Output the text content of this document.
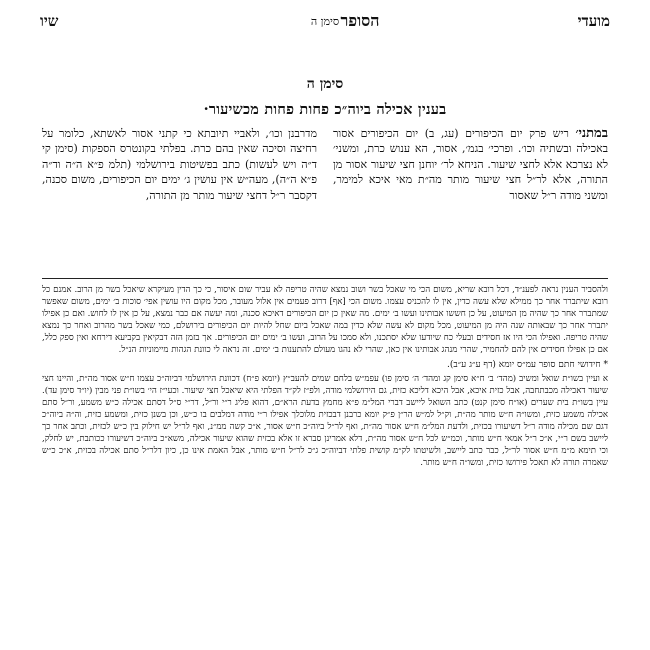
מועדי
הסופר
סימן ה
שיו
סימן ה
בענין אכילה ביוה״כ פחות פחות מכשיעור·

במתני׳ ריש פרק יום הכיפורים (עג, ב) יום הכיפורים אסור באכילה ובשתיה וכו׳. ופרכי׳ בגמ׳, אסור, הא ענוש כרת, ומשני׳ לא נצרכא אלא לחצי שיעור. הניחא לר׳ יוחנן חצי שיעור אסור מן התורה, אלא לר״ל חצי שיעור מותר מה״ת מאי איכא למימר, ומשני מודה ר״ל שאסור

מדרבנן וכו׳, ולאביי תיובתא כי קתני אסור לאשתא, כלומר על רחיצה וסיכה שאין בהם כרת. בפלתי בקונטרס הספקות (סימן קי ד״ה ויש לעשות) כתב בפשיטות בירושלמי (תלמ פ״א ה״ה וד״ה פ״א ה״ה), מעה״ש אין עושין ג׳ ימים יום הכיפורים, משום סכנה, דקסבר ר״ל דחצי שיעור מותר מן התורה,

ולהסביר הענין נראה לפענ״ד, דכל רובא שריא, משום הכי מי שאכל בשר ושוב נמצא שהיה טריפה לא עביר שום איסור, כי כך הדין מעיקרא שיאכל בשר מן הרוב. אמנם כל רובא שיתברר אחר כך ממילא שלא עשה כדין, אין לו להכניס עצמו. משום הכי [אף] דרוב פעמים אין אלול מעובר, מכל מקום היו עושין אפי׳ סוכות ב׳ ימים, משום שאפשר שמתברר אחר כך שהיה מן המיעוט, על כן חששו אבותינו ועשו ב׳ ימים. מה שאין כן יום הכיפורים דאיכא סכנה, ומה יעשה אם כבר נמצא, על כן אין לו לחוש. ואם כן אפילו יתברר אחר כך שבאותה שנה היה מן המיעוט, מכל מקום לא עשה שלא כדין במה שאכל ביום שחל להיות יום הכיפורים בירושלם, כמי שאכל בשר מהרוב ואחר כך נמצא שהיה טריפה. ואפילו הכי היו אז חסידים ובעלי כח שיודעו שלא יסתכנו, ולא סמכו על הרוב, ועשו ב׳ ימים יום הכיפורים. אך בזמן הזה דבקיאין בקביעא דירחא ואין ספק כלל, אם כן אפילו חסידים אין להם להחמיר, שהרי מנהג אבותינו אין כאן, שהרי לא נהגו מעולם להתענות ב׳ ימים. זה נראה לי כוונת הגהות מיימוניות הנ״ל.

* חידושי חתם סופר עמ״ס יומא (דף ע״ג ע״ב).

א ועיין בשו״ת שואל ומשיב (מהד׳ ב׳ ח״א סימן קג ומהד׳ ה׳ סימן פו) עפמ״ש בלחם שמים להעב״ץ (יומא פ״ח) דכוונת הירושלמי דביוה״כ עצמו ח״ש אסור מה״ת, והיינו חצי שיעור דאכילה מכבתחבה, אבל כזית איכא, אבל היכא דליכא כזית, גם הירושלמי מודה, ולפ״ז לק״ד הפלתי היא שיאכל חצי שיעור. וכעי״ז הי׳ בשו״ת פני מבין (יו״ד סימן עד). עיין בשו״ת בית שערים (או״ח סימן קנט) כתב השואל ליישב דברי המל״מ פ״א מחמץ בדעת הרא״ם, דהוא פליג ר״י ור״ל, דר״י ס״ל דסתם אכילה כ״ש משמע, ור״ל סתם אכילה משמע כזית, ומשו״ה ח״ש מותר מה״ת, וק״ל למ״ש הר״ן פ״ק יומא כרבנן דבכזית מלוכלך אפילו ר״י מודה דמלבים בו כ״ש, וכן בשנן כזית, ומשמע כזית, וה״ה ביוה״כ דגם שם מכילה מודה ר״ל דשיעורו בכזית, ולדעת המל״מ ח״ש אסור מה״ת, ואף לר״ל ביוה״כ ח״ש אסור, א״כ קשה ממ״נ, ואף לר״ל יש חילוק בין כ״ש לכזית, וכתב אחר כך ליישב בשם ר״י, א״כ ר״ל אמאי ח״ש מותר, וכמ״ש לכל ח״ש אסור מה״ת, דלא אמרינן סברא זו אלא בכזית שהוא שיעור אכילה, משא״כ ביוה״כ דשיעורו ככותבת, יש לחלק, וכי תימא מ״מ ח״ש אסור לר״ל, כבר כתב ליישב, ולשיטתו לק״מ קושית פלתי דביוה״כ ג״כ לר״ל ח״ש מותר, אבל האמת אינו כן, כיון דלר״ל סתם אכילה בכזית, א״כ כ״ש שאמרה תורה לא תאכל פירושו כזית, ומשו״ה ח״ש מותר.
